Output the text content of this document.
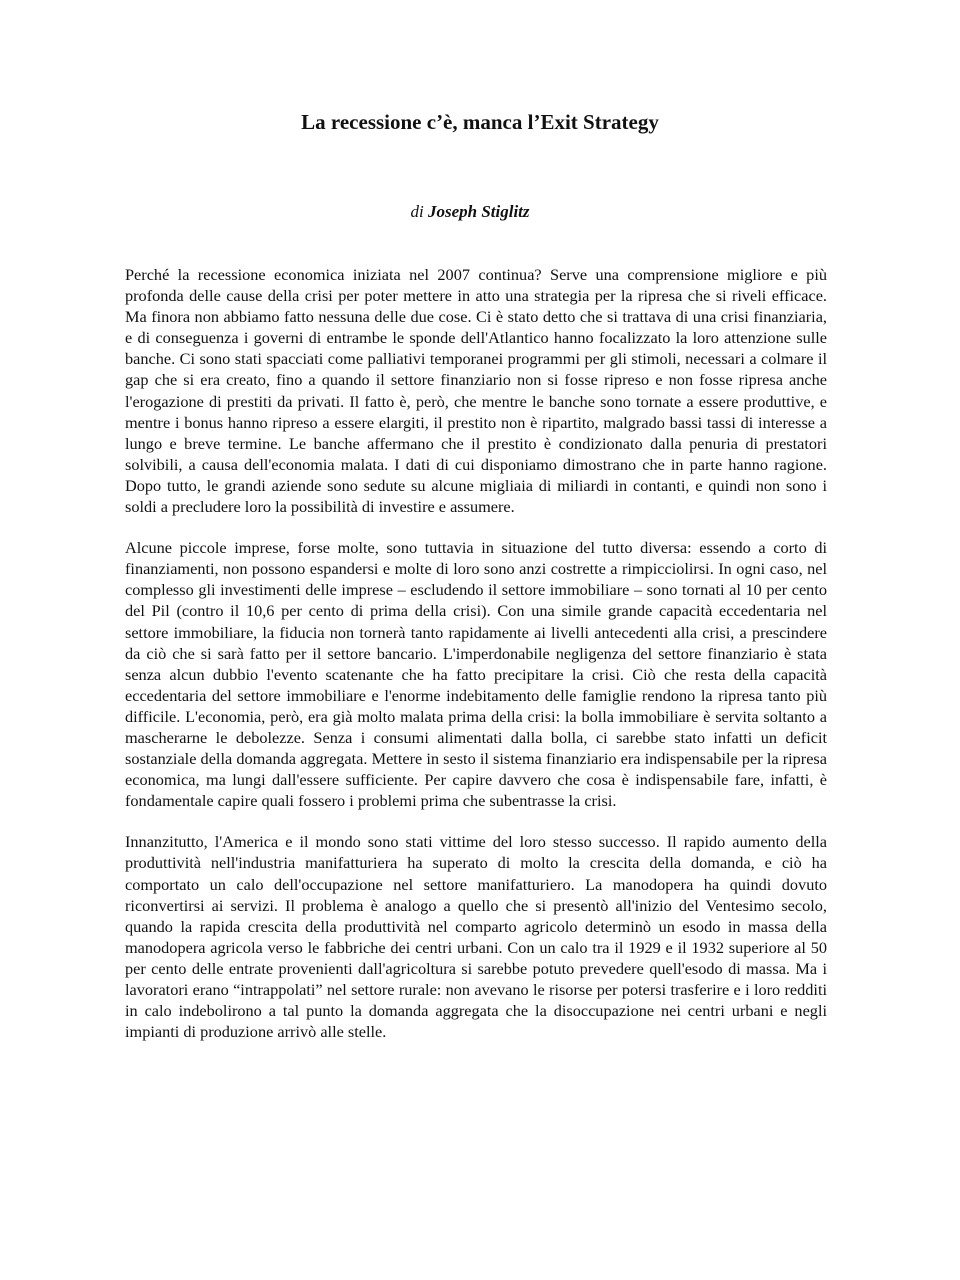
La recessione c’è, manca l’Exit Strategy
di Joseph Stiglitz

Perché la recessione economica iniziata nel 2007 continua? Serve una comprensione migliore e più profonda delle cause della crisi per poter mettere in atto una strategia per la ripresa che si riveli efficace. Ma finora non abbiamo fatto nessuna delle due cose. Ci è stato detto che si trattava di una crisi finanziaria, e di conseguenza i governi di entrambe le sponde dell'Atlantico hanno focalizzato la loro attenzione sulle banche. Ci sono stati spacciati come palliativi temporanei programmi per gli stimoli, necessari a colmare il gap che si era creato, fino a quando il settore finanziario non si fosse ripreso e non fosse ripresa anche l'erogazione di prestiti da privati. Il fatto è, però, che mentre le banche sono tornate a essere produttive, e mentre i bonus hanno ripreso a essere elargiti, il prestito non è ripartito, malgrado bassi tassi di interesse a lungo e breve termine. Le banche affermano che il prestito è condizionato dalla penuria di prestatori solvibili, a causa dell'economia malata. I dati di cui disponiamo dimostrano che in parte hanno ragione. Dopo tutto, le grandi aziende sono sedute su alcune migliaia di miliardi in contanti, e quindi non sono i soldi a precludere loro la possibilità di investire e assumere.

Alcune piccole imprese, forse molte, sono tuttavia in situazione del tutto diversa: essendo a corto di finanziamenti, non possono espandersi e molte di loro sono anzi costrette a rimpicciolirsi. In ogni caso, nel complesso gli investimenti delle imprese – escludendo il settore immobiliare – sono tornati al 10 per cento del Pil (contro il 10,6 per cento di prima della crisi). Con una simile grande capacità eccedentaria nel settore immobiliare, la fiducia non tornerà tanto rapidamente ai livelli antecedenti alla crisi, a prescindere da ciò che si sarà fatto per il settore bancario. L'imperdonabile negligenza del settore finanziario è stata senza alcun dubbio l'evento scatenante che ha fatto precipitare la crisi. Ciò che resta della capacità eccedentaria del settore immobiliare e l'enorme indebitamento delle famiglie rendono la ripresa tanto più difficile. L'economia, però, era già molto malata prima della crisi: la bolla immobiliare è servita soltanto a mascherarne le debolezze. Senza i consumi alimentati dalla bolla, ci sarebbe stato infatti un deficit sostanziale della domanda aggregata. Mettere in sesto il sistema finanziario era indispensabile per la ripresa economica, ma lungi dall'essere sufficiente. Per capire davvero che cosa è indispensabile fare, infatti, è fondamentale capire quali fossero i problemi prima che subentrasse la crisi.

Innanzitutto, l'America e il mondo sono stati vittime del loro stesso successo. Il rapido aumento della produttività nell'industria manifatturiera ha superato di molto la crescita della domanda, e ciò ha comportato un calo dell'occupazione nel settore manifatturiero. La manodopera ha quindi dovuto riconvertirsi ai servizi. Il problema è analogo a quello che si presentò all'inizio del Ventesimo secolo, quando la rapida crescita della produttività nel comparto agricolo determinò un esodo in massa della manodopera agricola verso le fabbriche dei centri urbani. Con un calo tra il 1929 e il 1932 superiore al 50 per cento delle entrate provenienti dall'agricoltura si sarebbe potuto prevedere quell'esodo di massa. Ma i lavoratori erano “intrappolati” nel settore rurale: non avevano le risorse per potersi trasferire e i loro redditi in calo indebolirono a tal punto la domanda aggregata che la disoccupazione nei centri urbani e negli impianti di produzione arrivò alle stelle.
